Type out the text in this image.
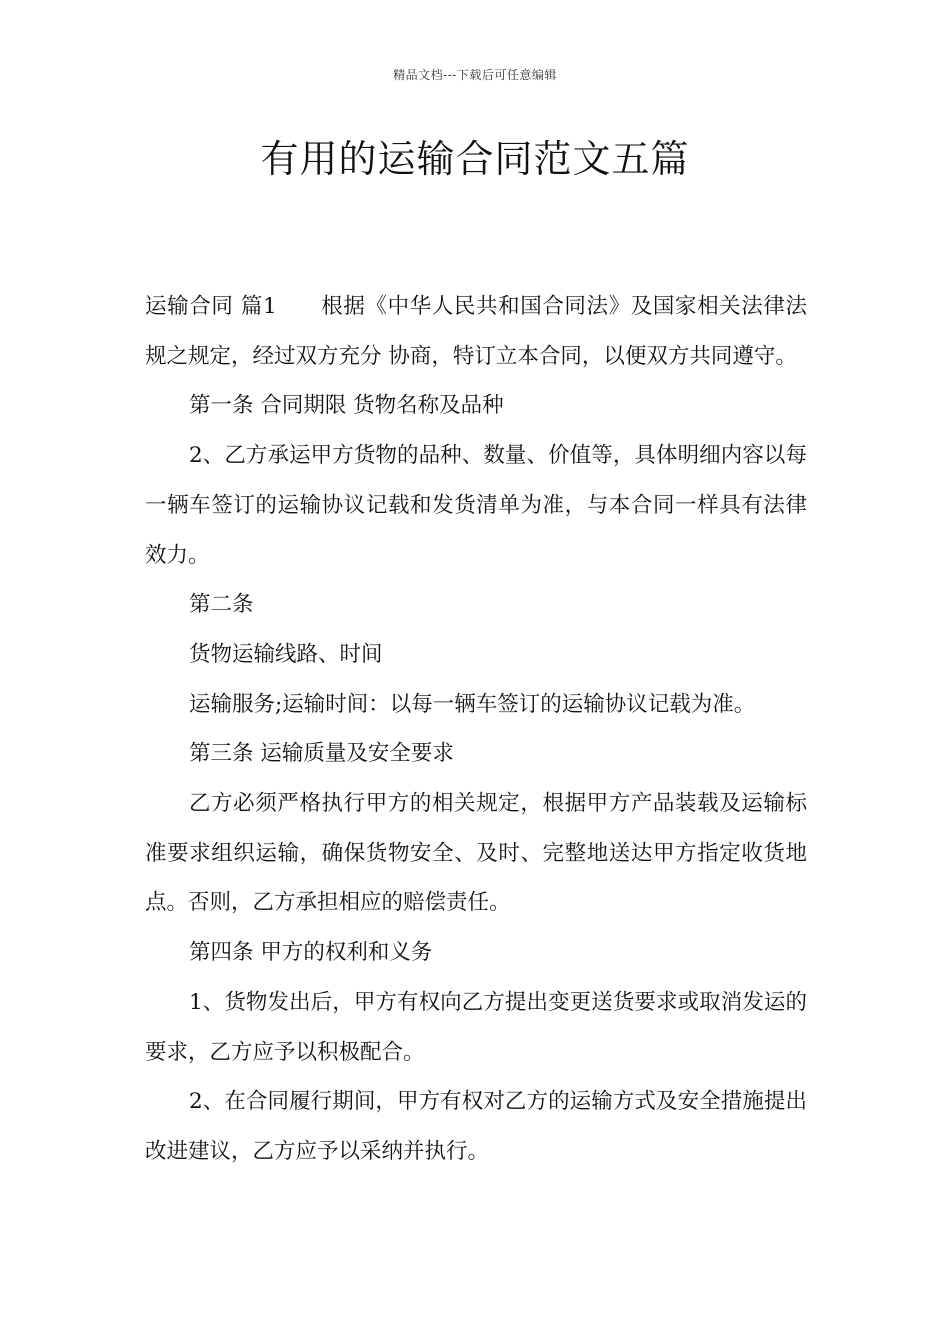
精品文档---下载后可任意编辑
有用的运输合同范文五篇

运输合同 篇1 根据《中华人民共和国合同法》及国家相关法律法规之规定，经过双方充分 协商，特订立本合同，以便双方共同遵守。

第一条 合同期限 货物名称及品种

2、乙方承运甲方货物的品种、数量、价值等，具体明细内容以每一辆车签订的运输协议记载和发货清单为准，与本合同一样具有法律效力。

第二条

货物运输线路、时间

运输服务;运输时间：以每一辆车签订的运输协议记载为准。

第三条 运输质量及安全要求

乙方必须严格执行甲方的相关规定，根据甲方产品装载及运输标准要求组织运输，确保货物安全、及时、完整地送达甲方指定收货地点。否则，乙方承担相应的赔偿责任。

第四条 甲方的权利和义务

1、货物发出后，甲方有权向乙方提出变更送货要求或取消发运的要求，乙方应予以积极配合。

2、在合同履行期间，甲方有权对乙方的运输方式及安全措施提出改进建议，乙方应予以采纳并执行。
